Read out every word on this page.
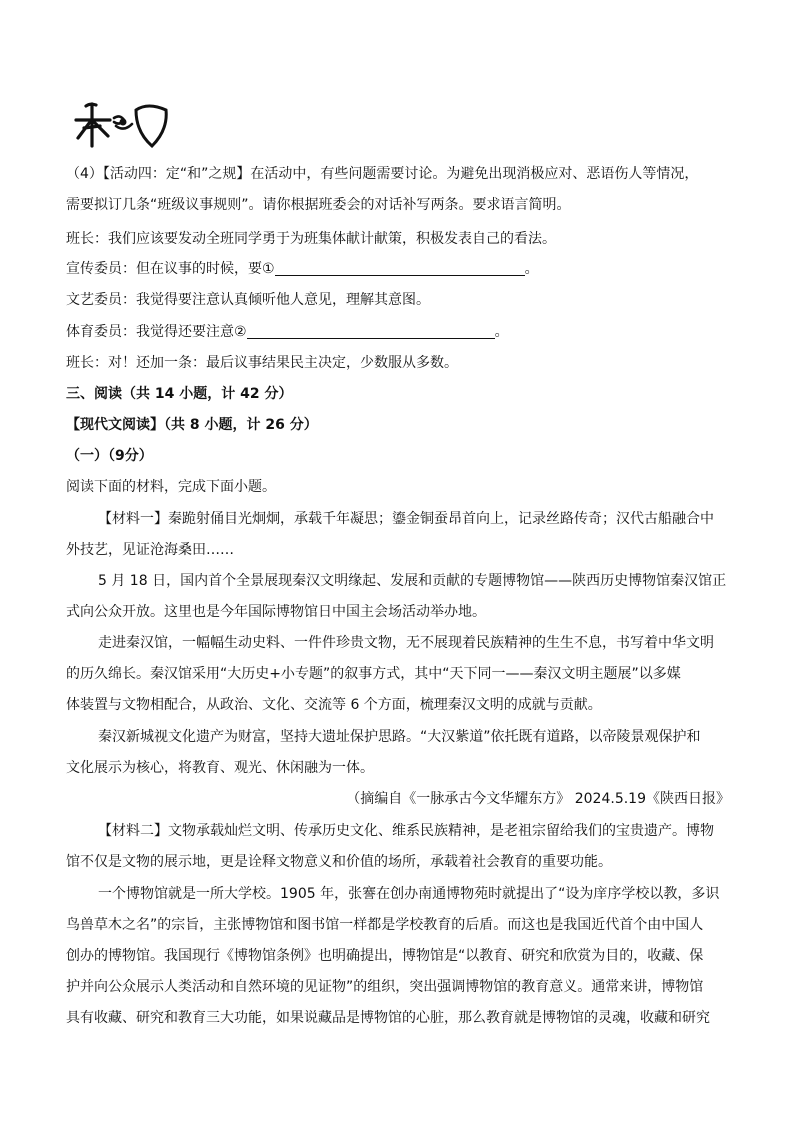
（4）【活动四：定“和”之规】在活动中，有些问题需要讨论。为避免出现消极应对、恶语伤人等情况，
需要拟订几条“班级议事规则”。请你根据班委会的对话补写两条。要求语言简明。
班长：我们应该要发动全班同学勇于为班集体献计献策，积极发表自己的看法。
宣传委员：但在议事的时候，要①	。
文艺委员：我觉得要注意认真倾听他人意见，理解其意图。
体育委员：我觉得还要注意②	。
班长：对！还加一条：最后议事结果民主决定，少数服从多数。
三、阅读（共 14 小题，计 42 分）
【现代文阅读】（共 8 小题，计 26 分）
（一）（9分）
阅读下面的材料，完成下面小题。
【材料一】秦跪射俑目光炯炯，承载千年凝思；鎏金铜蚕昂首向上，记录丝路传奇；汉代古船融合中
外技艺，见证沧海桑田……
5 月 18 日，国内首个全景展现秦汉文明缘起、发展和贡献的专题博物馆——陕西历史博物馆秦汉馆正
式向公众开放。这里也是今年国际博物馆日中国主会场活动举办地。
走进秦汉馆，一幅幅生动史料、一件件珍贵文物，无不展现着民族精神的生生不息，书写着中华文明
的历久绵长。秦汉馆采用“大历史+小专题”的叙事方式，其中“天下同一——秦汉文明主题展”以多媒
体装置与文物相配合，从政治、文化、交流等 6 个方面，梳理秦汉文明的成就与贡献。
秦汉新城视文化遗产为财富，坚持大遗址保护思路。“大汉紫道”依托既有道路，以帝陵景观保护和
文化展示为核心，将教育、观光、休闲融为一体。
（摘编自《一脉承古今文华耀东方》 2024.5.19《陕西日报》
【材料二】文物承载灿烂文明、传承历史文化、维系民族精神，是老祖宗留给我们的宝贵遗产。博物
馆不仅是文物的展示地，更是诠释文物意义和价值的场所，承载着社会教育的重要功能。
一个博物馆就是一所大学校。1905 年，张謇在创办南通博物苑时就提出了“设为庠序学校以教，多识
鸟兽草木之名”的宗旨，主张博物馆和图书馆一样都是学校教育的后盾。而这也是我国近代首个由中国人
创办的博物馆。我国现行《博物馆条例》也明确提出，博物馆是“以教育、研究和欣赏为目的，收藏、保
护并向公众展示人类活动和自然环境的见证物”的组织，突出强调博物馆的教育意义。通常来讲，博物馆
具有收藏、研究和教育三大功能，如果说藏品是博物馆的心脏，那么教育就是博物馆的灵魂，收藏和研究
